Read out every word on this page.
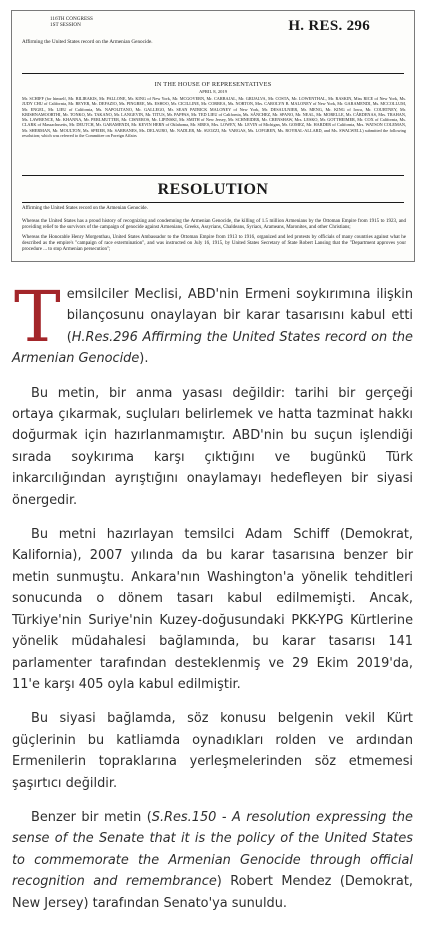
116TH CONGRESS
1ST SESSION	H. RES. 296
Affirming the United States record on the Armenian Genocide.
IN THE HOUSE OF REPRESENTATIVES
APRIL 8, 2019
Mr. SCHIFF (for himself, Mr. BILIRAKIS, Mr. PALLONE, Mr. KING of New York, Mr. MCGOVERN, Mr. CARBAJAL, Mr. GRIJALVA, Mr. COSTA, Mr. LOWENTHAL, Mr. RASKIN, Miss RICE of New York, Ms. JUDY CHU of California, Mr. BEYER, Mr. DEFAZIO, Ms. PINGREE, Ms. ESHOO, Mr. CICILLINE, Mr. CORREA, Ms. NORTON, Mrs. CAROLYN B. MALONEY of New York, Mr. GARAMENDI, Ms. MCCOLLUM, Mr. ENGEL, Mr. LIEU of California, Ms. NAPOLITANO, Mr. GALLEGO, Mr. SEAN PATRICK MALONEY of New York, Mr. DESAULNIER, Mr. MENG, Mr. KING of Iowa, Mr. COURTNEY, Mr. KRISHNAMOORTHI, Mr. TONKO, Mr. TAKANO, Mr. LANGEVIN, Mr. TITUS, Mr. PAPPAS, Mr. TED LIEU of California, Ms. SÁNCHEZ, Mr. SPANO, Mr. NEAL, Mr. MORELLE, Mr. CÁRDENAS, Mrs. TRAHAN, Ms. LAWRENCE, Mr. KHANNA, Mr. PERLMUTTER, Mr. CISNEROS, Mr. LIPINSKI, Mr. SMITH of New Jersey, Mr. SCHNEIDER, Mr. CRENSHAW, Mrs. LESKO, Mr. GOTTHEIMER, Mr. COX of California, Ms. CLARK of Massachusetts, Mr. DEUTCH, Mr. GARAMENDI, Mr. KEVIN HERN of Oklahoma, Mr. SIRES, Mrs. LOWEY, Mr. LEVIN of Michigan, Mr. GOMEZ, Mr. HARDER of California, Mrs. WATSON COLEMAN, Mr. SHERMAN, Mr. MOULTON, Ms. SPEIER, Mr. SARBANES, Ms. DELAURO, Mr. NADLER, Mr. SUOZZI, Mr. VARGAS, Ms. LOFGREN, Ms. ROYBAL-ALLARD, and Ms. SWALWELL) submitted the following resolution; which was referred to the Committee on Foreign Affairs
RESOLUTION
Affirming the United States record on the Armenian Genocide.
Whereas the United States has a proud history of recognizing and condemning the Armenian Genocide, the killing of 1.5 million Armenians by the Ottoman Empire from 1915 to 1923, and providing relief to the survivors of the campaign of genocide against Armenians, Greeks, Assyrians, Chaldeans, Syriacs, Arameans, Maronites, and other Christians;
Whereas the Honorable Henry Morgenthau, United States Ambassador to the Ottoman Empire from 1913 to 1916, organized and led protests by officials of many countries against what he described as the empire's "campaign of race extermination", and was instructed on July 16, 1915, by United States Secretary of State Robert Lansing that the "Department approves your procedure ... to stop Armenian persecution";

Temsilciler Meclisi, ABD'nin Ermeni soykırımına ilişkin bilançosunu onaylayan bir karar tasarısını kabul etti (H.Res.296 Affirming the United States record on the Armenian Genocide).

Bu metin, bir anma yasası değildir: tarihi bir gerçeği ortaya çıkarmak, suçluları belirlemek ve hatta tazminat hakkı doğurmak için hazırlanmamıştır. ABD'nin bu suçun işlendiği sırada soykırıma karşı çıktığını ve bugünkü Türk inkarcılığından ayrıştığını onaylamayı hedefleyen bir siyasi önergedir.

Bu metni hazırlayan temsilci Adam Schiff (Demokrat, Kalifornia), 2007 yılında da bu karar tasarısına benzer bir metin sunmuştu. Ankara'nın Washington'a yönelik tehditleri sonucunda o dönem tasarı kabul edilmemişti. Ancak, Türkiye'nin Suriye'nin Kuzey-doğusundaki PKK-YPG Kürtlerine yönelik müdahalesi bağlamında, bu karar tasarısı 141 parlamenter tarafından desteklenmiş ve 29 Ekim 2019'da, 11'e karşı 405 oyla kabul edilmiştir.

Bu siyasi bağlamda, söz konusu belgenin vekil Kürt güçlerinin bu katliamda oynadıkları rolden ve ardından Ermenilerin topraklarına yerleşmelerinden söz etmemesi şaşırtıcı değildir.

Benzer bir metin (S.Res.150 - A resolution expressing the sense of the Senate that it is the policy of the United States to commemorate the Armenian Genocide through official recognition and remembrance) Robert Mendez (Demokrat, New Jersey) tarafından Senato'ya sunuldu.
